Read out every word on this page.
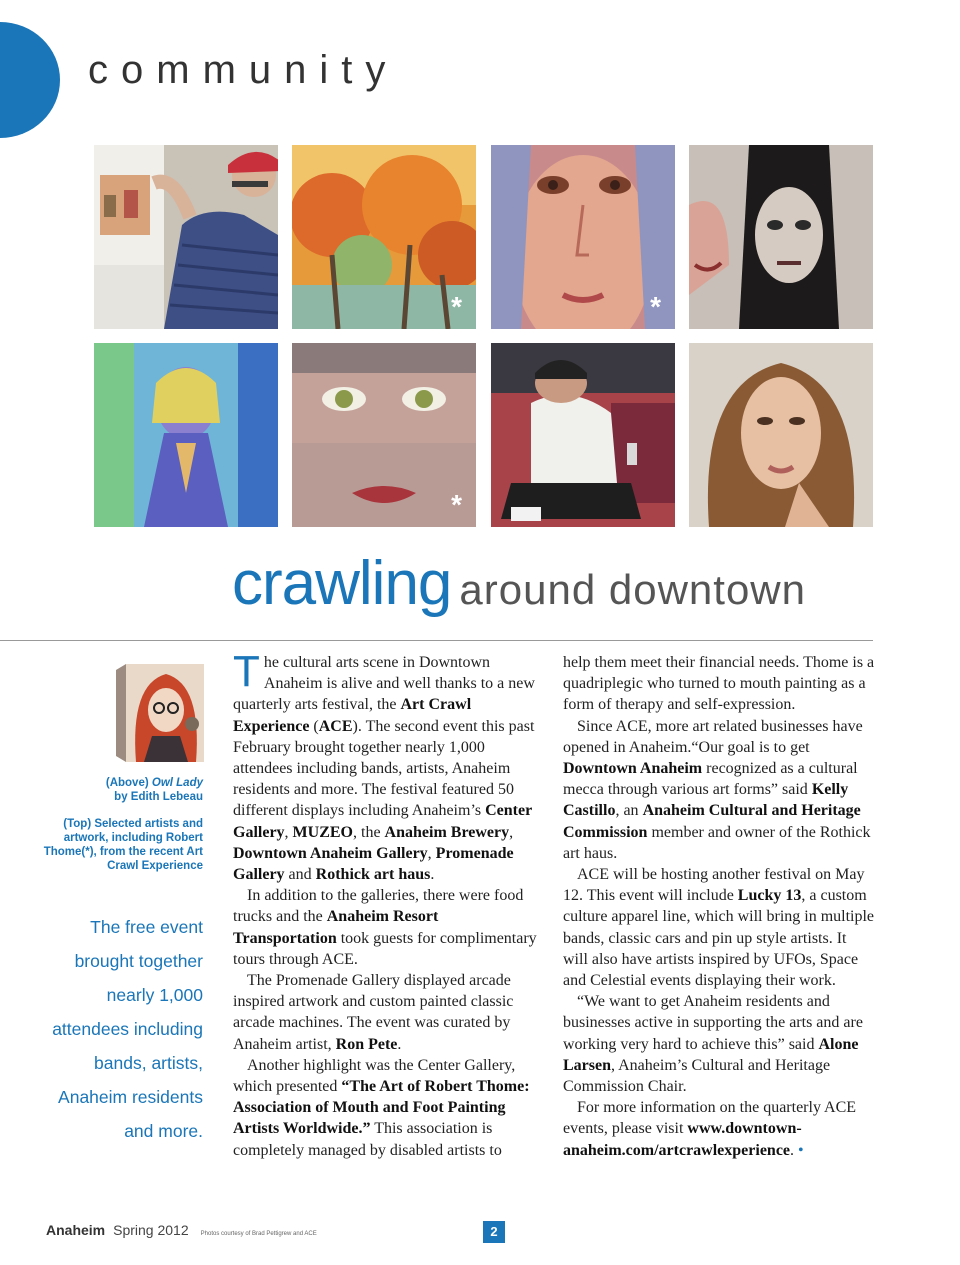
community
*	*
*
crawling around downtown
(Above) Owl Lady
by Edith Lebeau
(Top) Selected artists and artwork, including Robert Thome(*), from the recent Art Crawl Experience
The free event brought together nearly 1,000 attendees including bands, artists, Anaheim residents and more.

The cultural arts scene in Downtown Anaheim is alive and well thanks to a new quarterly arts festival, the Art Crawl Experience (ACE). The second event this past February brought together nearly 1,000 attendees including bands, artists, Anaheim residents and more. The festival featured 50 different displays including Anaheim’s Center Gallery, MUZEO, the Anaheim Brewery, Downtown Anaheim Gallery, Promenade Gallery and Rothick art haus.

In addition to the galleries, there were food trucks and the Anaheim Resort Transportation took guests for complimentary tours through ACE.

The Promenade Gallery displayed arcade inspired artwork and custom painted classic arcade machines. The event was curated by Anaheim artist, Ron Pete.

Another highlight was the Center Gallery, which presented “The Art of Robert Thome: Association of Mouth and Foot Painting Artists Worldwide.” This association is completely managed by disabled artists to

help them meet their financial needs. Thome is a quadriplegic who turned to mouth painting as a form of therapy and self-expression.

Since ACE, more art related businesses have opened in Anaheim.“Our goal is to get Downtown Anaheim recognized as a cultural mecca through various art forms” said Kelly Castillo, an Anaheim Cultural and Heritage Commission member and owner of the Rothick art haus.

ACE will be hosting another festival on May 12. This event will include Lucky 13, a custom culture apparel line, which will bring in multiple bands, classic cars and pin up style artists. It will also have artists inspired by UFOs, Space and Celestial events displaying their work.

“We want to get Anaheim residents and businesses active in supporting the arts and are working very hard to achieve this” said Alone Larsen, Anaheim’s Cultural and Heritage Commission Chair.

For more information on the quarterly ACE events, please visit www.downtown-anaheim.com/artcrawlexperience. •

Anaheim Spring 2012 Photos courtesy of Brad Pettigrew and ACE	2
